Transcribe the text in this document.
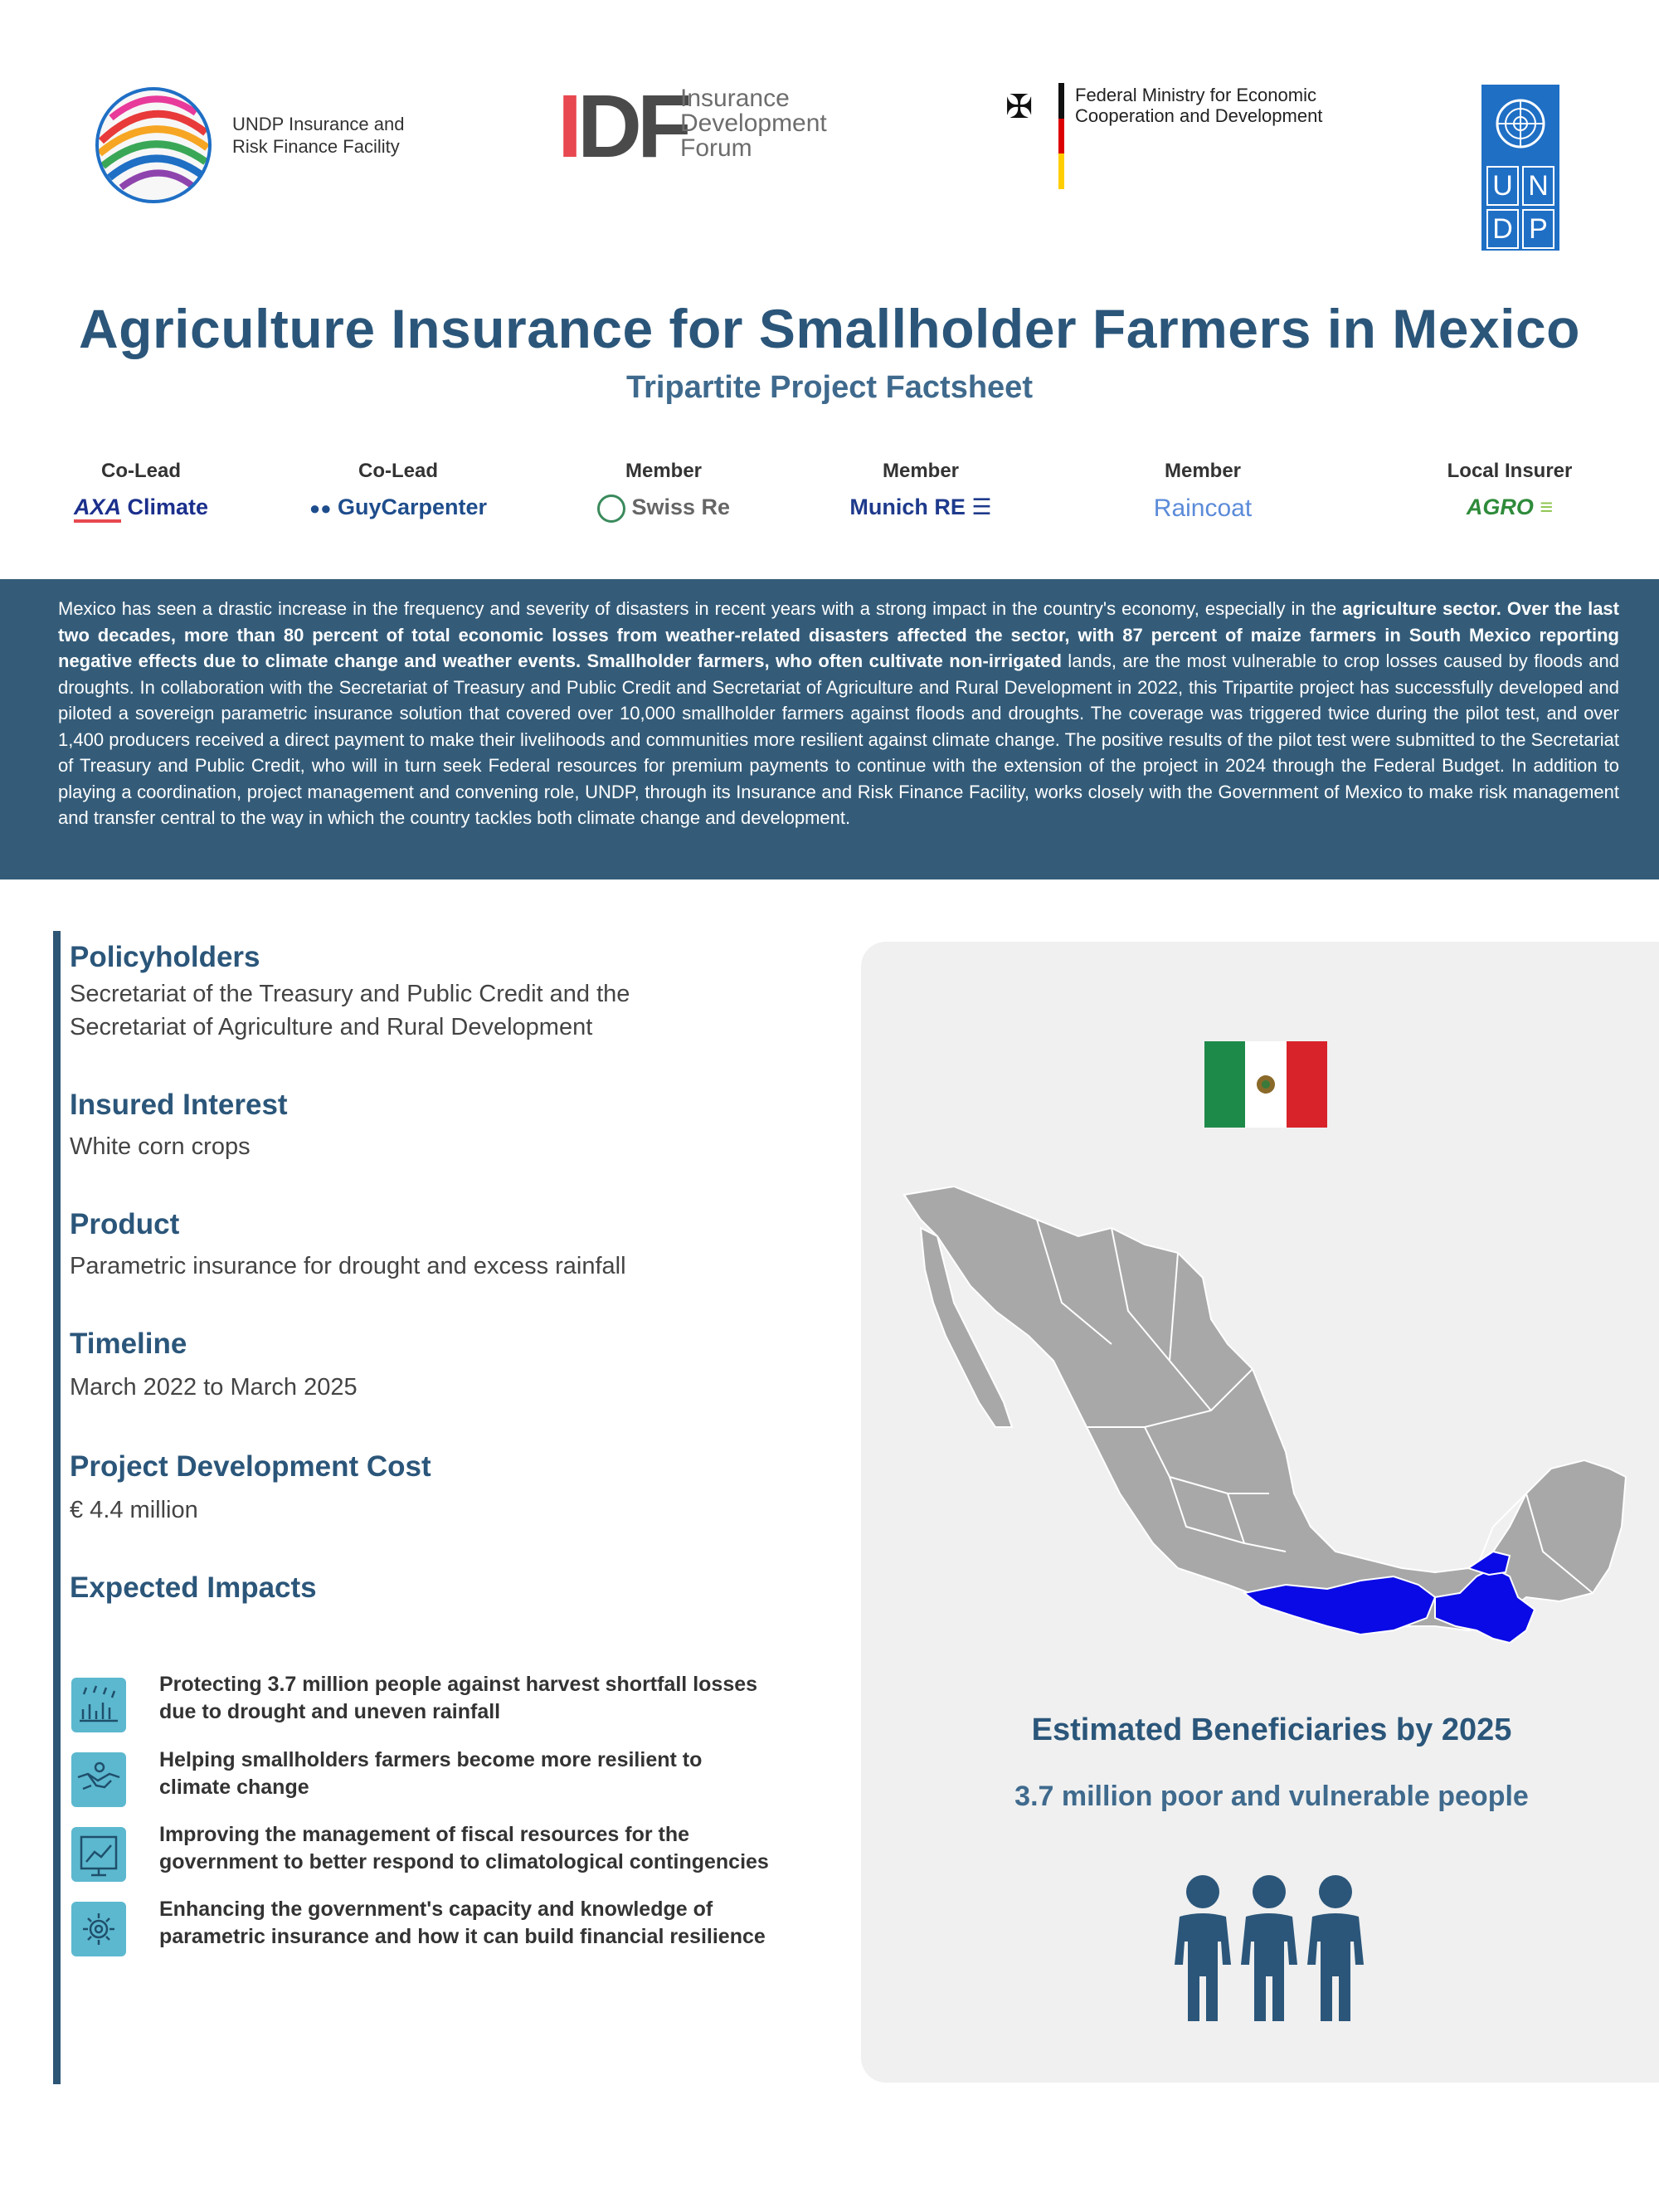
UNDP Insurance and Risk Finance Facility IDF
Insurance
Development
Forum
✠ Federal Ministry for Economic Cooperation and Development
U N
D P
Agriculture Insurance for Smallholder Farmers in Mexico
Tripartite Project Factsheet
Co-Lead
AXA Climate
Co-Lead
●● GuyCarpenter
Member
Swiss Re
Member
Munich RE ☰
Member
Raincoat
Local Insurer
AGRO ≡

Mexico has seen a drastic increase in the frequency and severity of disasters in recent years with a strong impact in the country's economy, especially in the agriculture sector. Over the last two decades, more than 80 percent of total economic losses from weather-related disasters affected the sector, with 87 percent of maize farmers in South Mexico reporting negative effects due to climate change and weather events. Smallholder farmers, who often cultivate non-irrigated lands, are the most vulnerable to crop losses caused by floods and droughts. In collaboration with the Secretariat of Treasury and Public Credit and Secretariat of Agriculture and Rural Development in 2022, this Tripartite project has successfully developed and piloted a sovereign parametric insurance solution that covered over 10,000 smallholder farmers against floods and droughts. The coverage was triggered twice during the pilot test, and over 1,400 producers received a direct payment to make their livelihoods and communities more resilient against climate change. The positive results of the pilot test were submitted to the Secretariat of Treasury and Public Credit, who will in turn seek Federal resources for premium payments to continue with the extension of the project in 2024 through the Federal Budget. In addition to playing a coordination, project management and convening role, UNDP, through its Insurance and Risk Finance Facility, works closely with the Government of Mexico to make risk management and transfer central to the way in which the country tackles both climate change and development.

Policyholders
Secretariat of the Treasury and Public Credit and the
Secretariat of Agriculture and Rural Development
Insured Interest
White corn crops
Product
Parametric insurance for drought and excess rainfall
Timeline
March 2022 to March 2025
Project Development Cost
€ 4.4 million
Expected Impacts
Protecting 3.7 million people against harvest shortfall losses
due to drought and uneven rainfall
Helping smallholders farmers become more resilient to
climate change
Improving the management of fiscal resources for the
government to better respond to climatological contingencies
Enhancing the government's capacity and knowledge of
parametric insurance and how it can build financial resilience
Estimated Beneficiaries by 2025
3.7 million poor and vulnerable people
